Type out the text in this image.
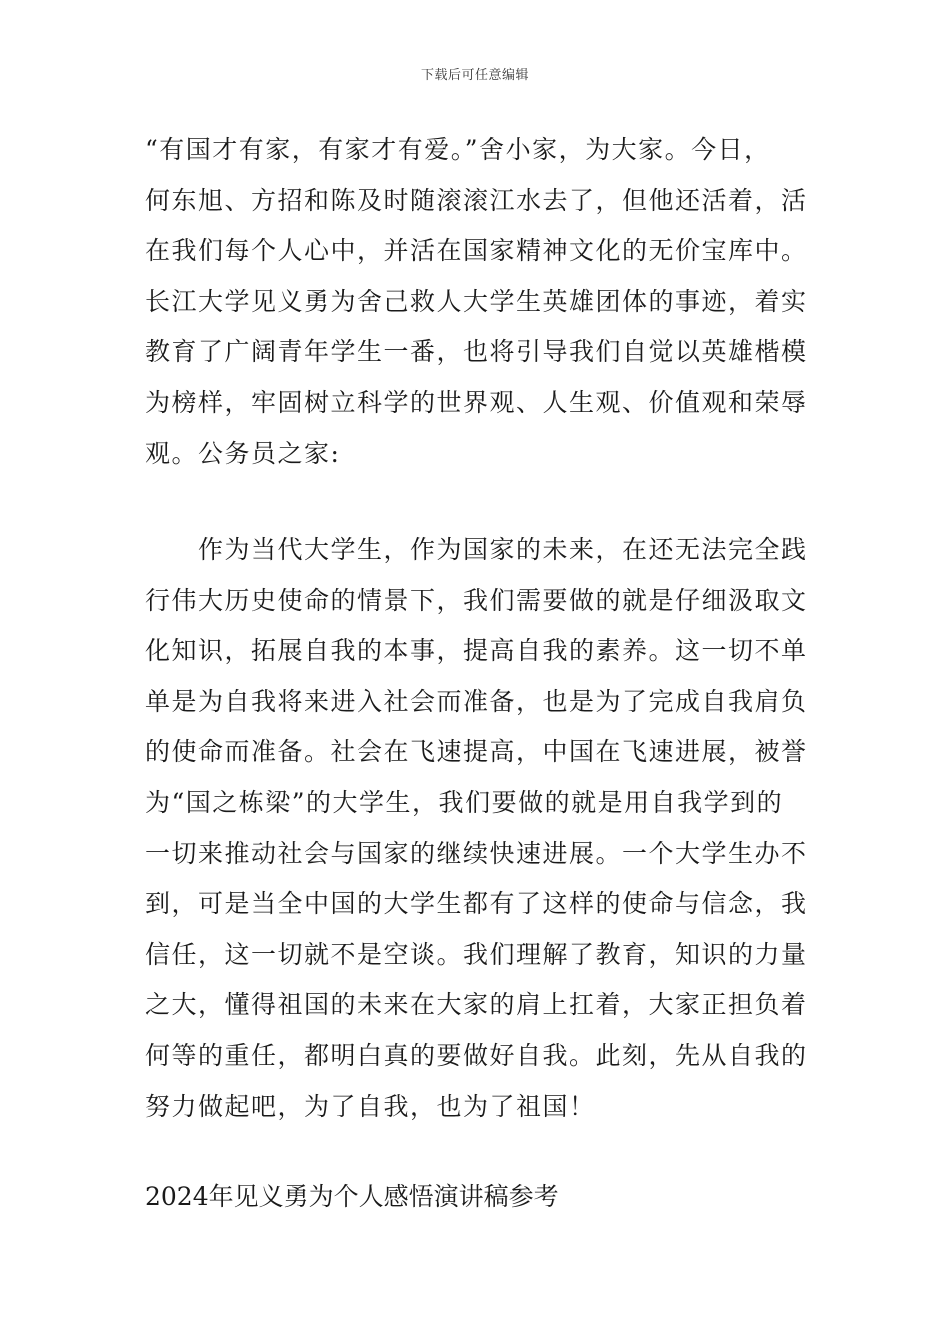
下载后可任意编辑
“有国才有家，有家才有爱。”舍小家，为大家。今日，
何东旭、方招和陈及时随滚滚江水去了，但他还活着，活
在我们每个人心中，并活在国家精神文化的无价宝库中。
长江大学见义勇为舍己救人大学生英雄团体的事迹，着实
教育了广阔青年学生一番，也将引导我们自觉以英雄楷模
为榜样，牢固树立科学的世界观、人生观、价值观和荣辱
观。公务员之家:
　　作为当代大学生，作为国家的未来，在还无法完全践
行伟大历史使命的情景下，我们需要做的就是仔细汲取文
化知识，拓展自我的本事，提高自我的素养。这一切不单
单是为自我将来进入社会而准备，也是为了完成自我肩负
的使命而准备。社会在飞速提高，中国在飞速进展，被誉
为“国之栋梁”的大学生，我们要做的就是用自我学到的
一切来推动社会与国家的继续快速进展。一个大学生办不
到，可是当全中国的大学生都有了这样的使命与信念，我
信任，这一切就不是空谈。我们理解了教育，知识的力量
之大，懂得祖国的未来在大家的肩上扛着，大家正担负着
何等的重任，都明白真的要做好自我。此刻，先从自我的
努力做起吧，为了自我，也为了祖国！
2024年见义勇为个人感悟演讲稿参考
